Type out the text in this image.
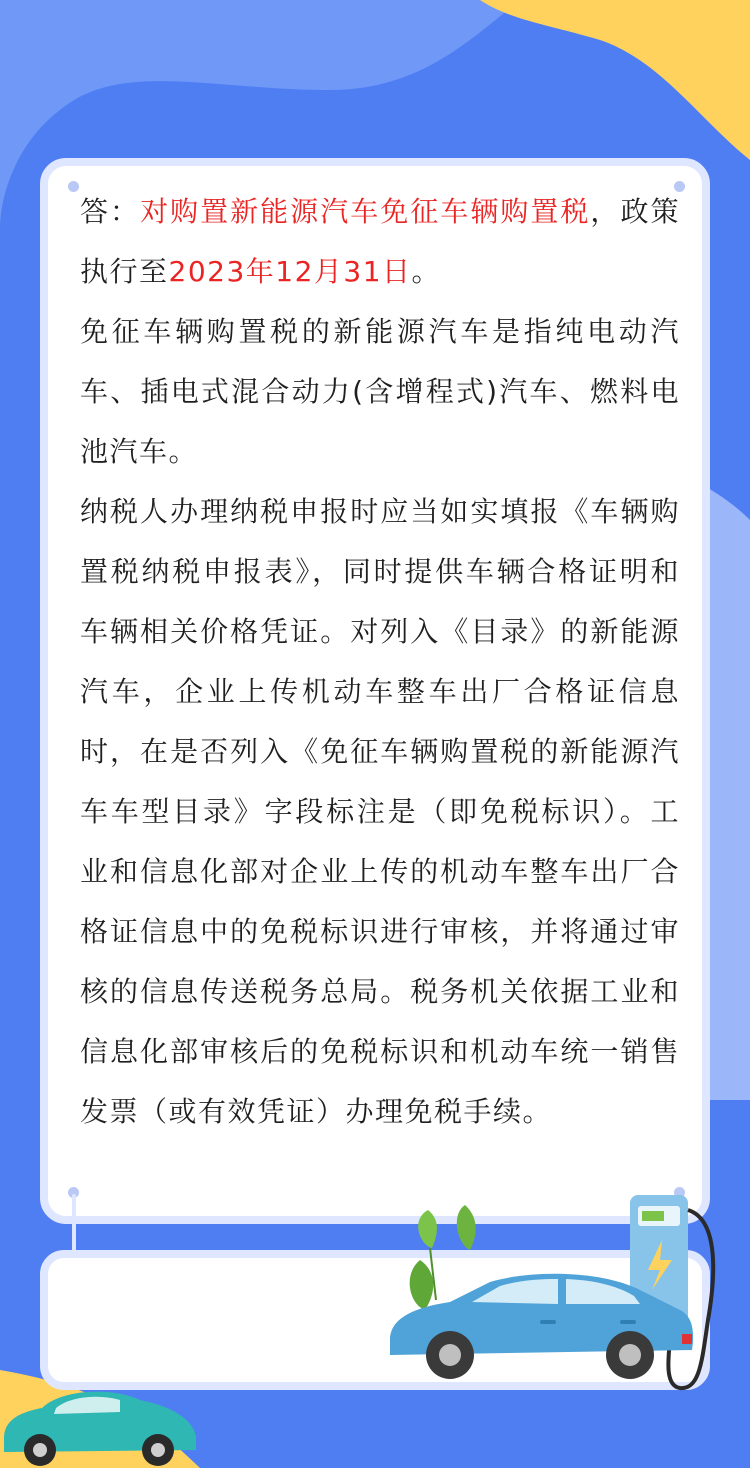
答：对购置新能源汽车免征车辆购置税，政策执行至2023年12月31日。

免征车辆购置税的新能源汽车是指纯电动汽车、插电式混合动力(含增程式)汽车、燃料电池汽车。

纳税人办理纳税申报时应当如实填报《车辆购置税纳税申报表》，同时提供车辆合格证明和车辆相关价格凭证。对列入《目录》的新能源汽车，企业上传机动车整车出厂合格证信息时，在是否列入《免征车辆购置税的新能源汽车车型目录》字段标注是（即免税标识）。工业和信息化部对企业上传的机动车整车出厂合格证信息中的免税标识进行审核，并将通过审核的信息传送税务总局。税务机关依据工业和信息化部审核后的免税标识和机动车统一销售发票（或有效凭证）办理免税手续。
